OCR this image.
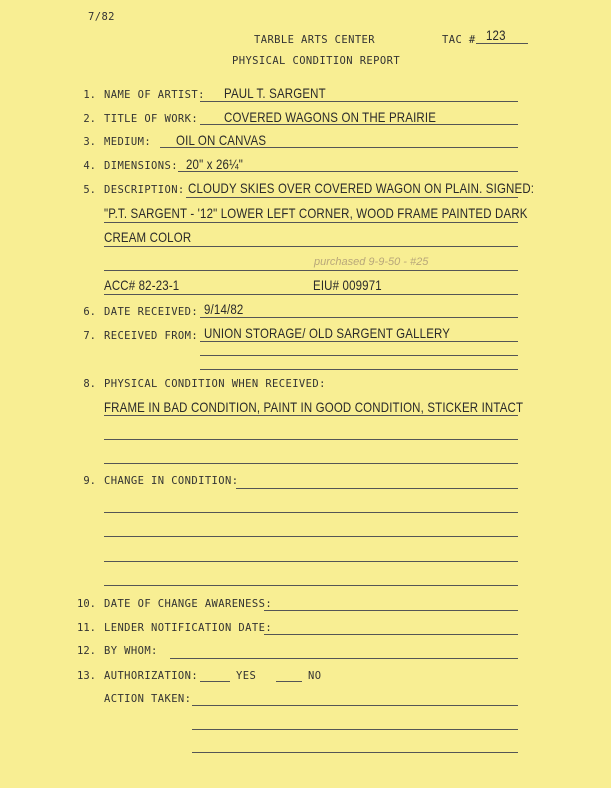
7/82
TARBLE ARTS CENTER	TAC # 123
PHYSICAL CONDITION REPORT
1. NAME OF ARTIST: PAUL T. SARGENT
2. TITLE OF WORK: COVERED WAGONS ON THE PRAIRIE
3. MEDIUM: OIL ON CANVAS
4. DIMENSIONS: 20" x 26¼"
5. DESCRIPTION: CLOUDY SKIES OVER COVERED WAGON ON PLAIN. SIGNED:
"P.T. SARGENT - '12" LOWER LEFT CORNER, WOOD FRAME PAINTED DARK
CREAM COLOR
purchased 9-9-50 - #25
ACC# 82-23-1	EIU# 009971
6. DATE RECEIVED: 9/14/82
7. RECEIVED FROM: UNION STORAGE/ OLD SARGENT GALLERY
8. PHYSICAL CONDITION WHEN RECEIVED:
FRAME IN BAD CONDITION, PAINT IN GOOD CONDITION, STICKER INTACT
9. CHANGE IN CONDITION:
10. DATE OF CHANGE AWARENESS:
11. LENDER NOTIFICATION DATE:
12. BY WHOM:
13. AUTHORIZATION:	YES	NO
ACTION TAKEN:
